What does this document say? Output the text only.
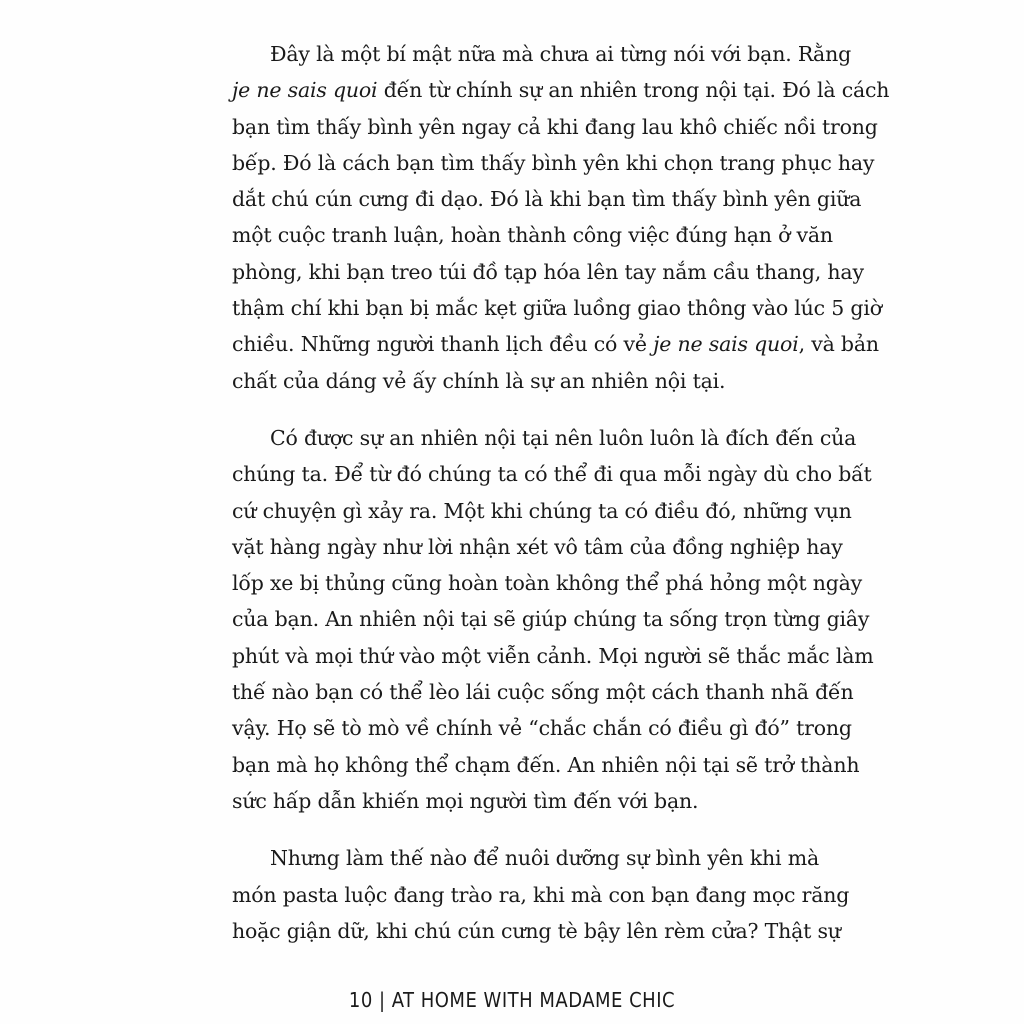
Đây là một bí mật nữa mà chưa ai từng nói với bạn. Rằng
je ne sais quoi đến từ chính sự an nhiên trong nội tại. Đó là cách
bạn tìm thấy bình yên ngay cả khi đang lau khô chiếc nồi trong
bếp. Đó là cách bạn tìm thấy bình yên khi chọn trang phục hay
dắt chú cún cưng đi dạo. Đó là khi bạn tìm thấy bình yên giữa
một cuộc tranh luận, hoàn thành công việc đúng hạn ở văn
phòng, khi bạn treo túi đồ tạp hóa lên tay nắm cầu thang, hay
thậm chí khi bạn bị mắc kẹt giữa luồng giao thông vào lúc 5 giờ
chiều. Những người thanh lịch đều có vẻ je ne sais quoi, và bản
chất của dáng vẻ ấy chính là sự an nhiên nội tại.

Có được sự an nhiên nội tại nên luôn luôn là đích đến của
chúng ta. Để từ đó chúng ta có thể đi qua mỗi ngày dù cho bất
cứ chuyện gì xảy ra. Một khi chúng ta có điều đó, những vụn
vặt hàng ngày như lời nhận xét vô tâm của đồng nghiệp hay
lốp xe bị thủng cũng hoàn toàn không thể phá hỏng một ngày
của bạn. An nhiên nội tại sẽ giúp chúng ta sống trọn từng giây
phút và mọi thứ vào một viễn cảnh. Mọi người sẽ thắc mắc làm
thế nào bạn có thể lèo lái cuộc sống một cách thanh nhã đến
vậy. Họ sẽ tò mò về chính vẻ “chắc chắn có điều gì đó” trong
bạn mà họ không thể chạm đến. An nhiên nội tại sẽ trở thành
sức hấp dẫn khiến mọi người tìm đến với bạn.

Nhưng làm thế nào để nuôi dưỡng sự bình yên khi mà
món pasta luộc đang trào ra, khi mà con bạn đang mọc răng
hoặc giận dữ, khi chú cún cưng tè bậy lên rèm cửa? Thật sự

10 | AT HOME WITH MADAME CHIC
